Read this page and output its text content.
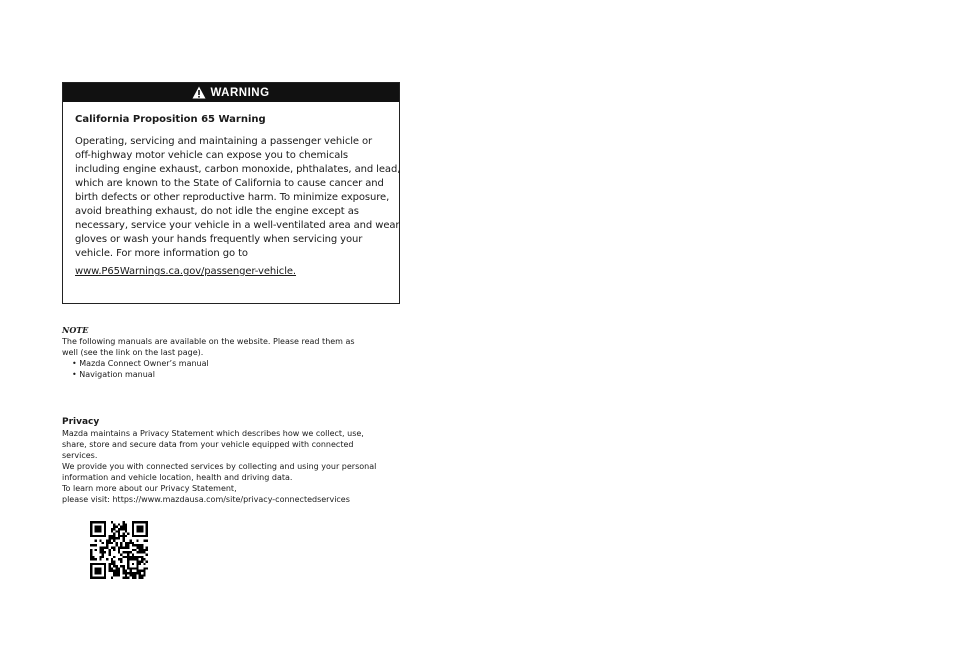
WARNING
California Proposition 65 Warning
Operating, servicing and maintaining a passenger vehicle or
off-highway motor vehicle can expose you to chemicals
including engine exhaust, carbon monoxide, phthalates, and lead,
which are known to the State of California to cause cancer and
birth defects or other reproductive harm. To minimize exposure,
avoid breathing exhaust, do not idle the engine except as
necessary, service your vehicle in a well-ventilated area and wear
gloves or wash your hands frequently when servicing your
vehicle. For more information go to
www.P65Warnings.ca.gov/passenger-vehicle.
NOTE
The following manuals are available on the website. Please read them as
well (see the link on the last page).
• Mazda Connect Owner’s manual
• Navigation manual
Privacy
Mazda maintains a Privacy Statement which describes how we collect, use,
share, store and secure data from your vehicle equipped with connected
services.
We provide you with connected services by collecting and using your personal
information and vehicle location, health and driving data.
To learn more about our Privacy Statement,
please visit: https://www.mazdausa.com/site/privacy-connectedservices
